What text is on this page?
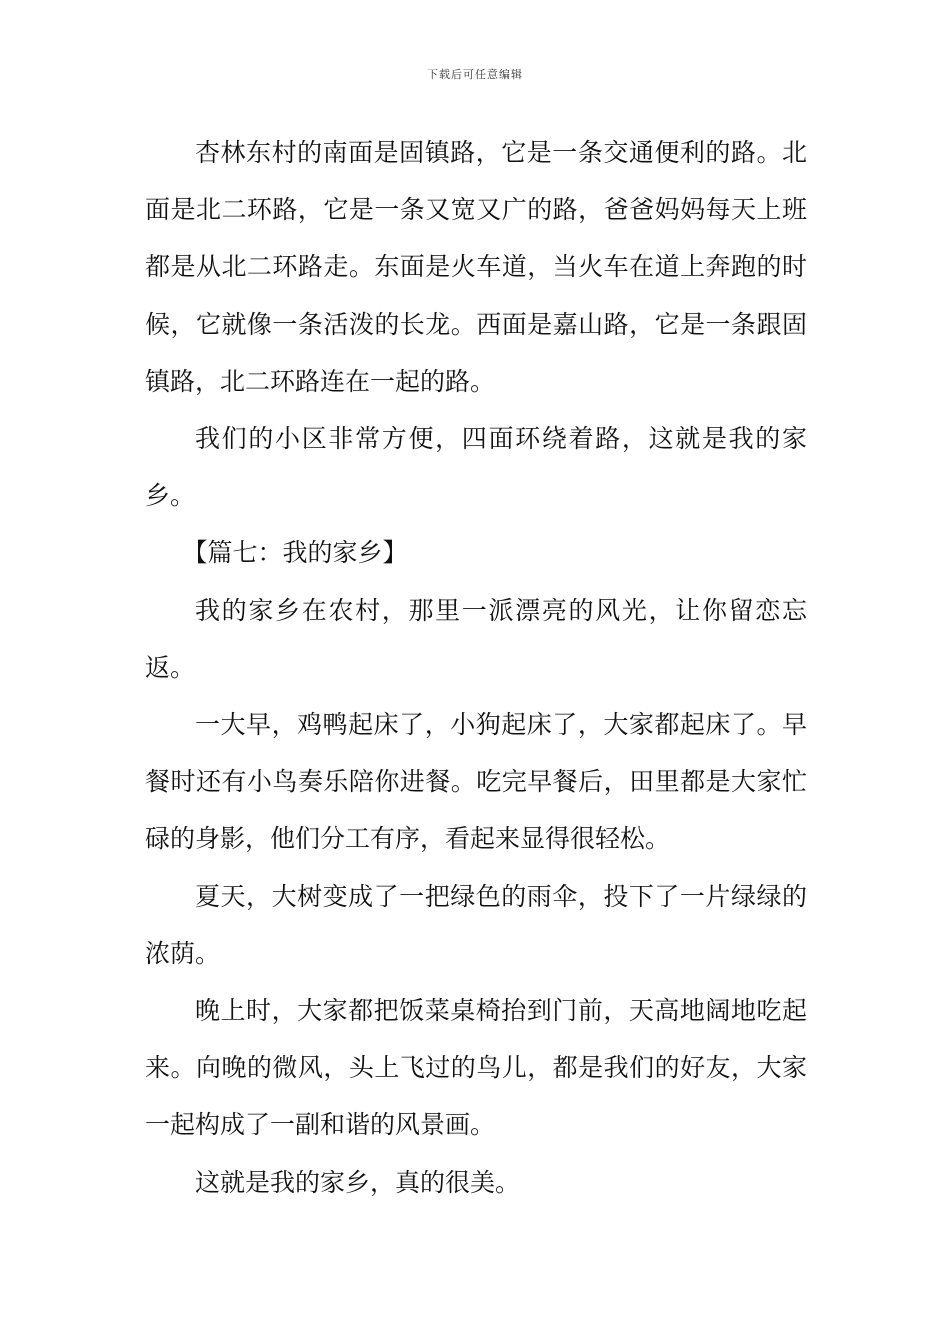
下载后可任意编辑

杏林东村的南面是固镇路，它是一条交通便利的路。北面是北二环路，它是一条又宽又广的路，爸爸妈妈每天上班都是从北二环路走。东面是火车道，当火车在道上奔跑的时候，它就像一条活泼的长龙。西面是嘉山路，它是一条跟固镇路，北二环路连在一起的路。

我们的小区非常方便，四面环绕着路，这就是我的家乡。

【篇七：我的家乡】

我的家乡在农村，那里一派漂亮的风光，让你留恋忘返。

一大早，鸡鸭起床了，小狗起床了，大家都起床了。早餐时还有小鸟奏乐陪你进餐。吃完早餐后，田里都是大家忙碌的身影，他们分工有序，看起来显得很轻松。

夏天，大树变成了一把绿色的雨伞，投下了一片绿绿的浓荫。

晚上时，大家都把饭菜桌椅抬到门前，天高地阔地吃起来。向晚的微风，头上飞过的鸟儿，都是我们的好友，大家一起构成了一副和谐的风景画。

这就是我的家乡，真的很美。
